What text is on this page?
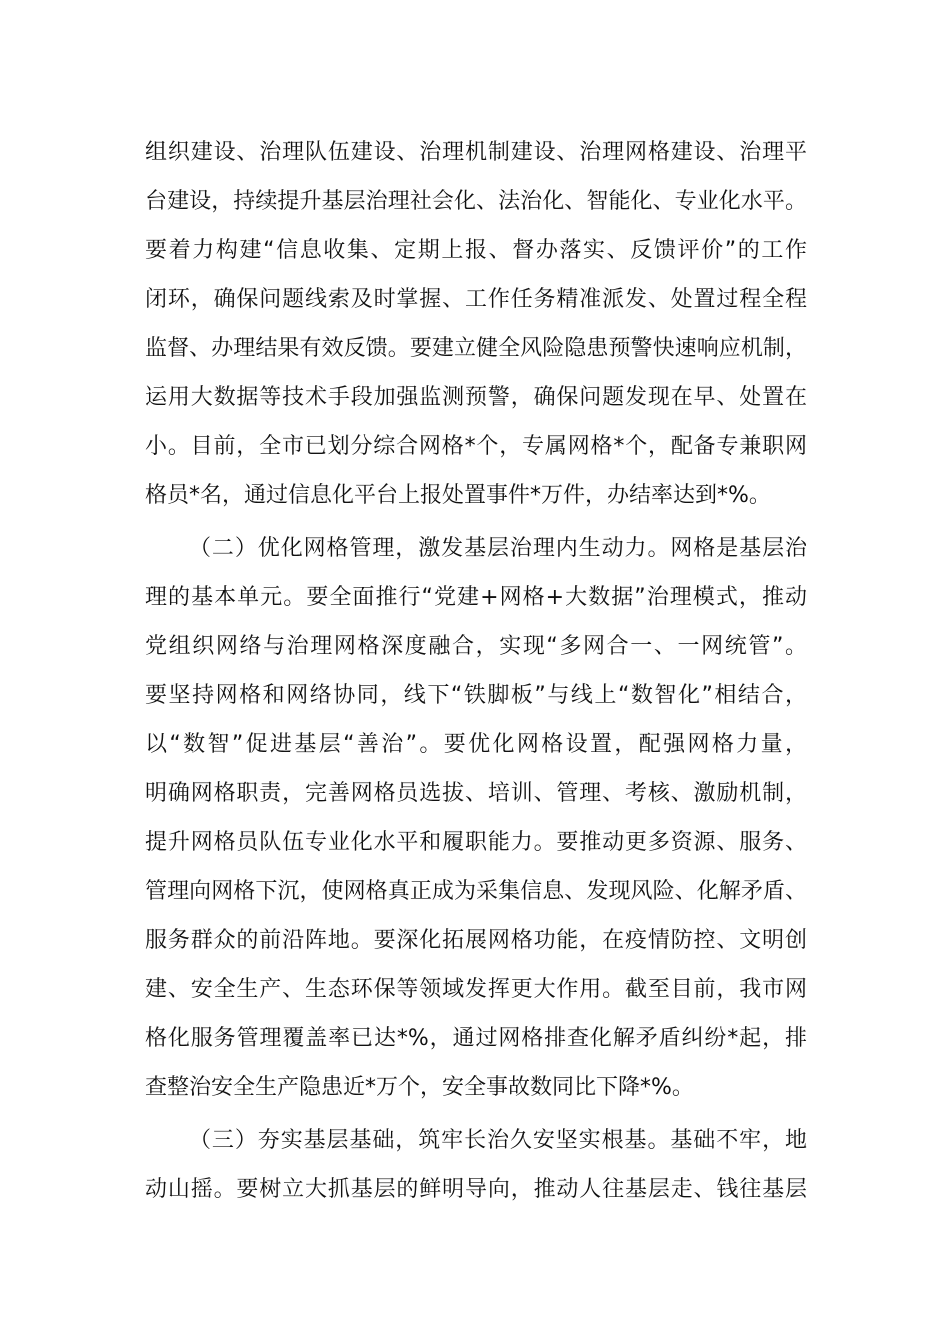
组织建设、治理队伍建设、治理机制建设、治理网格建设、治理平
台建设，持续提升基层治理社会化、法治化、智能化、专业化水平。
要着力构建“信息收集、定期上报、督办落实、反馈评价”的工作
闭环，确保问题线索及时掌握、工作任务精准派发、处置过程全程
监督、办理结果有效反馈。要建立健全风险隐患预警快速响应机制，
运用大数据等技术手段加强监测预警，确保问题发现在早、处置在
小。目前，全市已划分综合网格*个，专属网格*个，配备专兼职网
格员*名，通过信息化平台上报处置事件*万件，办结率达到*%。
（二）优化网格管理，激发基层治理内生动力。网格是基层治
理的基本单元。要全面推行“党建+网格+大数据”治理模式，推动
党组织网络与治理网格深度融合，实现“多网合一、一网统管”。
要坚持网格和网络协同，线下“铁脚板”与线上“数智化”相结合，
以“数智”促进基层“善治”。要优化网格设置，配强网格力量，
明确网格职责，完善网格员选拔、培训、管理、考核、激励机制，
提升网格员队伍专业化水平和履职能力。要推动更多资源、服务、
管理向网格下沉，使网格真正成为采集信息、发现风险、化解矛盾、
服务群众的前沿阵地。要深化拓展网格功能，在疫情防控、文明创
建、安全生产、生态环保等领域发挥更大作用。截至目前，我市网
格化服务管理覆盖率已达*%，通过网格排查化解矛盾纠纷*起，排
查整治安全生产隐患近*万个，安全事故数同比下降*%。
（三）夯实基层基础，筑牢长治久安坚实根基。基础不牢，地
动山摇。要树立大抓基层的鲜明导向，推动人往基层走、钱往基层
